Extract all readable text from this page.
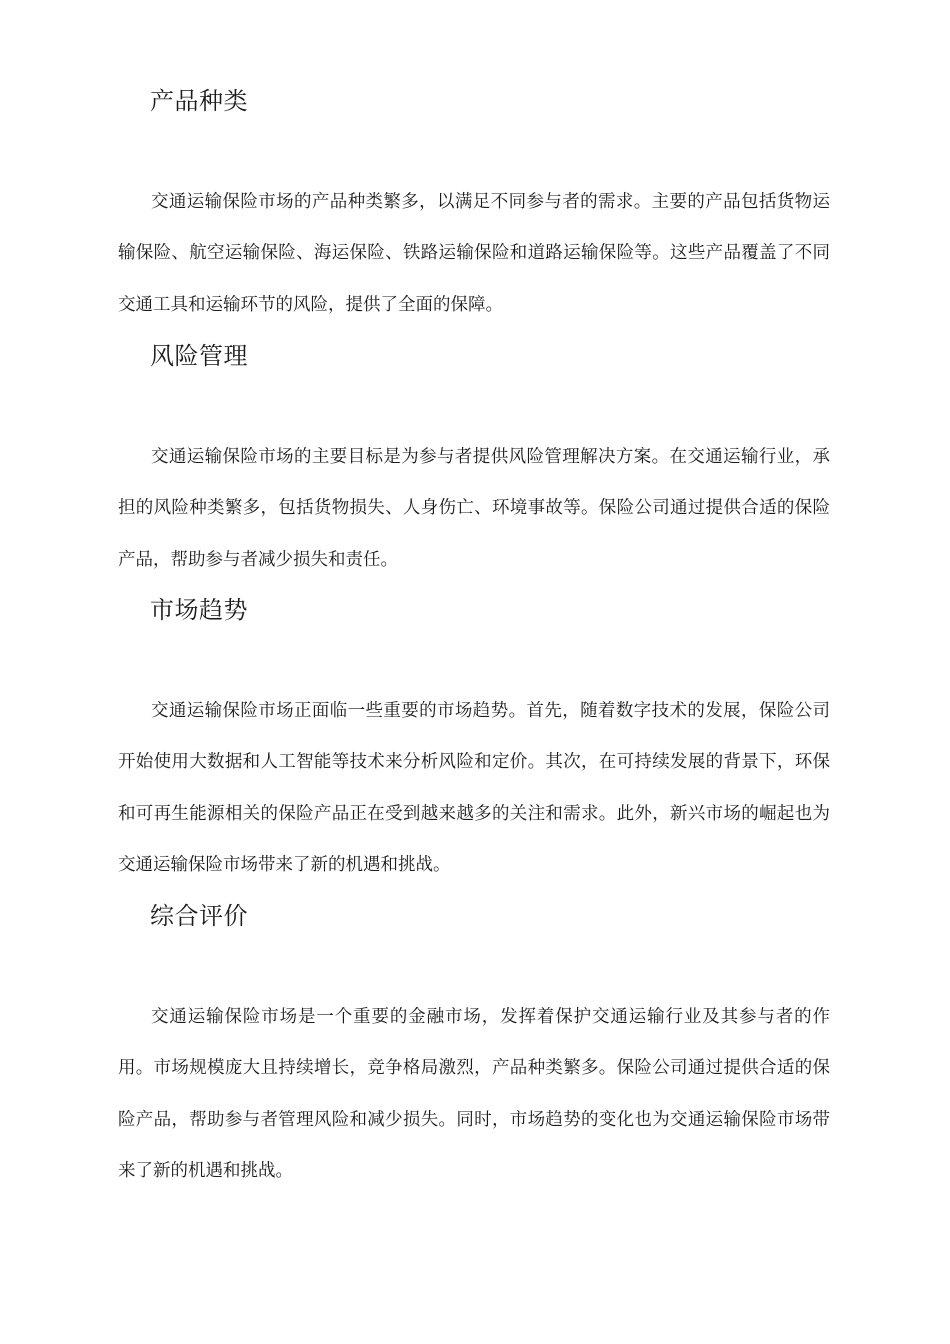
产品种类

交通运输保险市场的产品种类繁多，以满足不同参与者的需求。主要的产品包括货物运输保险、航空运输保险、海运保险、铁路运输保险和道路运输保险等。这些产品覆盖了不同交通工具和运输环节的风险，提供了全面的保障。

风险管理

交通运输保险市场的主要目标是为参与者提供风险管理解决方案。在交通运输行业，承担的风险种类繁多，包括货物损失、人身伤亡、环境事故等。保险公司通过提供合适的保险产品，帮助参与者减少损失和责任。

市场趋势

交通运输保险市场正面临一些重要的市场趋势。首先，随着数字技术的发展，保险公司开始使用大数据和人工智能等技术来分析风险和定价。其次，在可持续发展的背景下，环保和可再生能源相关的保险产品正在受到越来越多的关注和需求。此外，新兴市场的崛起也为交通运输保险市场带来了新的机遇和挑战。

综合评价

交通运输保险市场是一个重要的金融市场，发挥着保护交通运输行业及其参与者的作用。市场规模庞大且持续增长，竞争格局激烈，产品种类繁多。保险公司通过提供合适的保险产品，帮助参与者管理风险和减少损失。同时，市场趋势的变化也为交通运输保险市场带来了新的机遇和挑战。
